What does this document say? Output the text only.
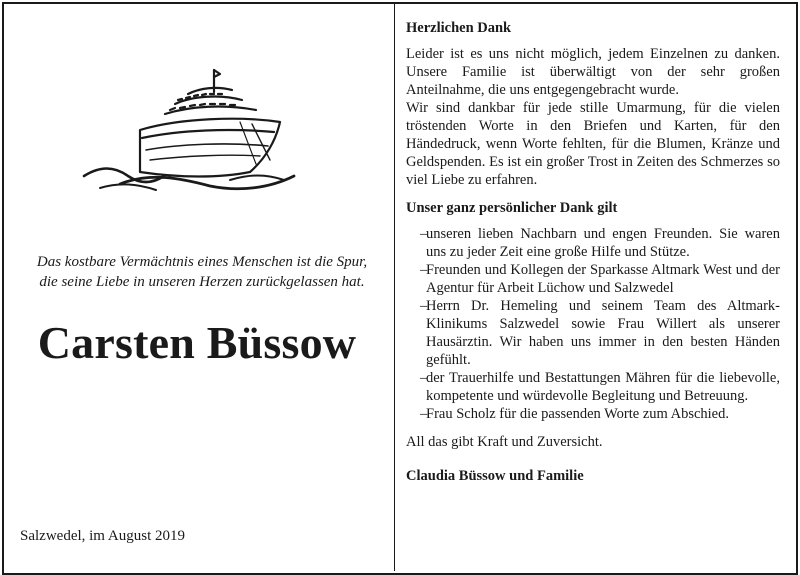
Das kostbare Vermächtnis eines Menschen ist die Spur,
die seine Liebe in unseren Herzen zurückgelassen hat.
Carsten Büssow
Salzwedel, im August 2019

Herzlichen Dank

Leider ist es uns nicht möglich, jedem Einzelnen zu danken. Unsere Familie ist überwältigt von der sehr großen Anteilnahme, die uns entgegengebracht wurde.

Wir sind dankbar für jede stille Umarmung, für die vielen tröstenden Worte in den Briefen und Karten, für den Händedruck, wenn Worte fehlten, für die Blumen, Kränze und Geldspenden. Es ist ein großer Trost in Zeiten des Schmerzes so viel Liebe zu erfahren.

Unser ganz persönlicher Dank gilt

–
unseren lieben Nachbarn und engen Freunden. Sie waren uns zu jeder Zeit eine große Hilfe und Stütze.
–
Freunden und Kollegen der Sparkasse Altmark West und der Agentur für Arbeit Lüchow und Salzwedel
–
Herrn Dr. Hemeling und seinem Team des Altmark-Klinikums Salzwedel sowie Frau Willert als unserer Hausärztin. Wir haben uns immer in den besten Händen gefühlt.
–
der Trauerhilfe und Bestattungen Mähren für die liebevolle, kompetente und würdevolle Begleitung und Betreuung.
–
Frau Scholz für die passenden Worte zum Abschied.

All das gibt Kraft und Zuversicht.

Claudia Büssow und Familie
